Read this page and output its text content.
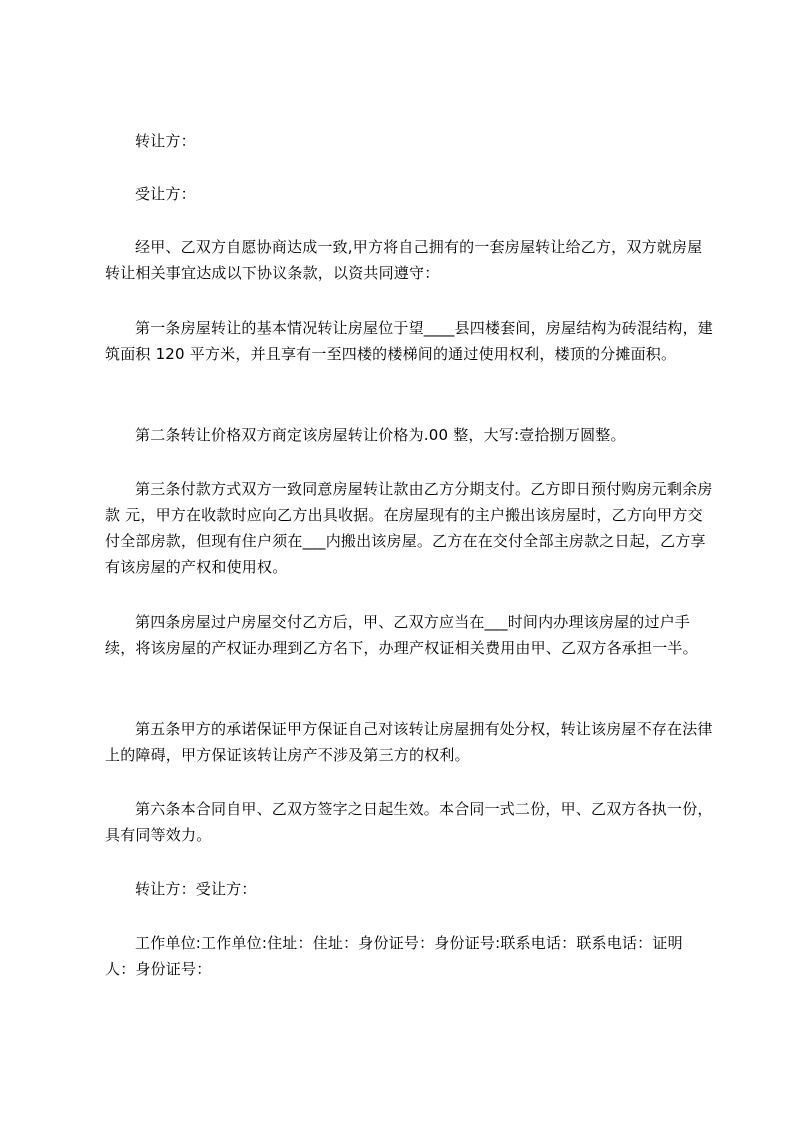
转让方：

受让方：

经甲、乙双方自愿协商达成一致,甲方将自己拥有的一套房屋转让给乙方，双方就房屋转让相关事宜达成以下协议条款，以资共同遵守：

第一条房屋转让的基本情况转让房屋位于望____县四楼套间，房屋结构为砖混结构，建筑面积 120 平方米，并且享有一至四楼的楼梯间的通过使用权利，楼顶的分摊面积。

第二条转让价格双方商定该房屋转让价格为.00 整，大写:壹拾捌万圆整。

第三条付款方式双方一致同意房屋转让款由乙方分期支付。乙方即日预付购房元剩余房款 元，甲方在收款时应向乙方出具收据。在房屋现有的主户搬出该房屋时，乙方向甲方交付全部房款，但现有住户须在___内搬出该房屋。乙方在在交付全部主房款之日起，乙方享有该房屋的产权和使用权。

第四条房屋过户房屋交付乙方后，甲、乙双方应当在___时间内办理该房屋的过户手续，将该房屋的产权证办理到乙方名下，办理产权证相关费用由甲、乙双方各承担一半。

第五条甲方的承诺保证甲方保证自己对该转让房屋拥有处分权，转让该房屋不存在法律上的障碍，甲方保证该转让房产不涉及第三方的权利。

第六条本合同自甲、乙双方签字之日起生效。本合同一式二份，甲、乙双方各执一份，具有同等效力。

转让方：受让方：

工作单位:工作单位:住址：住址：身份证号：身份证号:联系电话：联系电话：证明人：身份证号：
